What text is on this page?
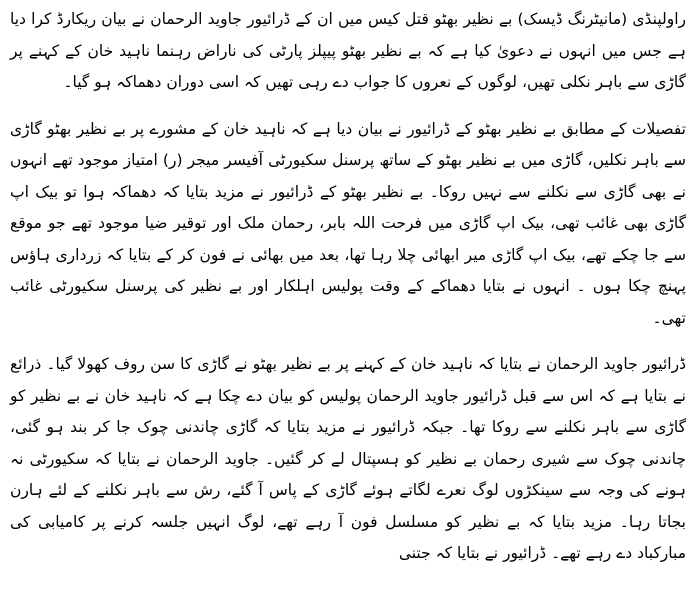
راولپنڈی (مانیٹرنگ ڈیسک) بے نظیر بھٹو قتل کیس میں ان کے ڈرائیور جاوید الرحمان نے بیان ریکارڈ کرا دیا ہے جس میں انہوں نے دعویٰ کیا ہے کہ بے نظیر بھٹو پیپلز پارٹی کی ناراض رہنما ناہید خان کے کہنے پر گاڑی سے باہر نکلی تھیں، لوگوں کے نعروں کا جواب دے رہی تھیں کہ اسی دوران دھماکہ ہو گیا۔

تفصیلات کے مطابق بے نظیر بھٹو کے ڈرائیور نے بیان دیا ہے کہ ناہید خان کے مشورے پر بے نظیر بھٹو گاڑی سے باہر نکلیں، گاڑی میں بے نظیر بھٹو کے ساتھ پرسنل سکیورٹی آفیسر میجر (ر) امتیاز موجود تھے انہوں نے بھی گاڑی سے نکلنے سے نہیں روکا۔ بے نظیر بھٹو کے ڈرائیور نے مزید بتایا کہ دھماکہ ہوا تو بیک اپ گاڑی بھی غائب تھی، بیک اپ گاڑی میں فرحت اللہ بابر، رحمان ملک اور توقیر ضیا موجود تھے جو موقع سے جا چکے تھے، بیک اپ گاڑی میر ابھائی چلا رہا تھا، بعد میں بھائی نے فون کر کے بتایا کہ زرداری ہاؤس پہنچ چکا ہوں ۔ انہوں نے بتایا دھماکے کے وقت پولیس اہلکار اور بے نظیر کی پرسنل سکیورٹی غائب تھی۔

ڈرائیور جاوید الرحمان نے بتایا کہ ناہید خان کے کہنے پر بے نظیر بھٹو نے گاڑی کا سن روف کھولا گیا۔ ذرائع نے بتایا ہے کہ اس سے قبل ڈرائیور جاوید الرحمان پولیس کو بیان دے چکا ہے کہ ناہید خان نے بے نظیر کو گاڑی سے باہر نکلنے سے روکا تھا۔ جبکہ ڈرائیور نے مزید بتایا کہ گاڑی چاندنی چوک جا کر بند ہو گئی، چاندنی چوک سے شیری رحمان بے نظیر کو ہسپتال لے کر گئیں۔ جاوید الرحمان نے بتایا کہ سکیورٹی نہ ہونے کی وجہ سے سینکڑوں لوگ نعرے لگاتے ہوئے گاڑی کے پاس آ گئے، رش سے باہر نکلنے کے لئے ہارن بجاتا رہا۔ مزید بتایا کہ بے نظیر کو مسلسل فون آ رہے تھے، لوگ انہیں جلسہ کرنے پر کامیابی کی مبارکباد دے رہے تھے۔ ڈرائیور نے بتایا کہ جتنی
